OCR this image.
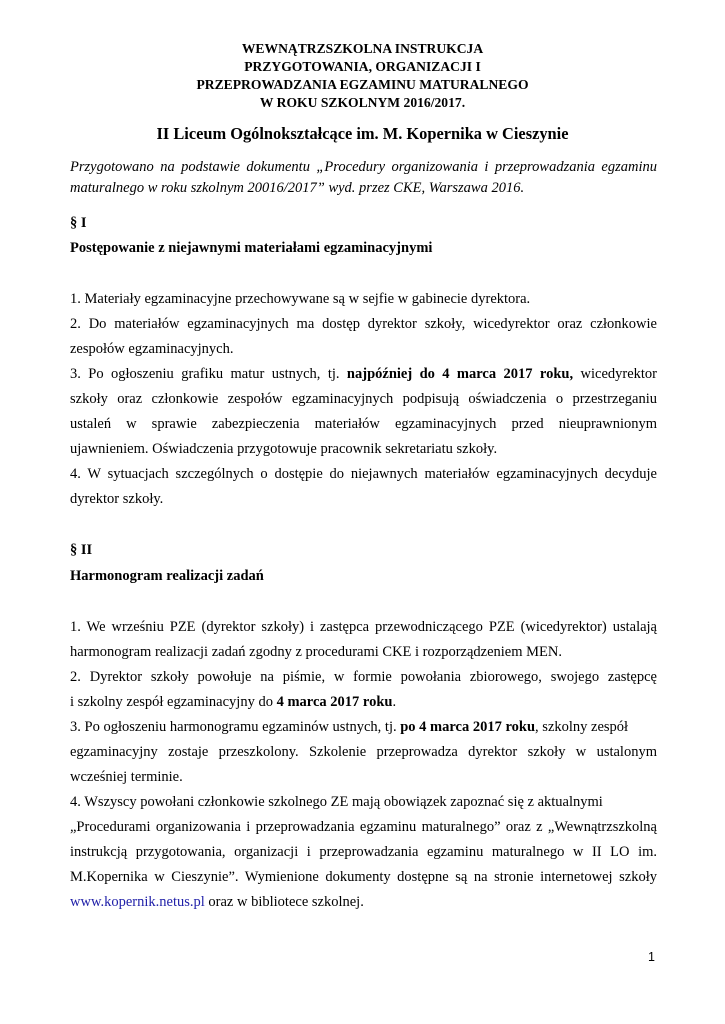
WEWNĄTRZSZKOLNA INSTRUKCJA
PRZYGOTOWANIA, ORGANIZACJI I
PRZEPROWADZANIA EGZAMINU MATURALNEGO
W ROKU SZKOLNYM 2016/2017.
II Liceum Ogólnokształcące im. M. Kopernika w Cieszynie
Przygotowano na podstawie dokumentu „Procedury organizowania i przeprowadzania egzaminu maturalnego w roku szkolnym 20016/2017” wyd. przez CKE, Warszawa 2016.
§ I
Postępowanie z niejawnymi materiałami egzaminacyjnymi
1. Materiały egzaminacyjne przechowywane są w sejfie w gabinecie dyrektora.
2. Do materiałów egzaminacyjnych ma dostęp dyrektor szkoły, wicedyrektor oraz członkowie
zespołów egzaminacyjnych.
3. Po ogłoszeniu grafiku matur ustnych, tj. najpóźniej do 4 marca 2017 roku, wicedyrektor
szkoły oraz członkowie zespołów egzaminacyjnych podpisują oświadczenia o przestrzeganiu
ustaleń w sprawie zabezpieczenia materiałów egzaminacyjnych przed nieuprawnionym
ujawnieniem. Oświadczenia przygotowuje pracownik sekretariatu szkoły.
4. W sytuacjach szczególnych o dostępie do niejawnych materiałów egzaminacyjnych decyduje
dyrektor szkoły.
§ II
Harmonogram realizacji zadań
1. We wrześniu PZE (dyrektor szkoły) i zastępca przewodniczącego PZE (wicedyrektor) ustalają
harmonogram realizacji zadań zgodny z procedurami CKE i rozporządzeniem MEN.
2. Dyrektor szkoły powołuje na piśmie, w formie powołania zbiorowego, swojego zastępcę
i szkolny zespół egzaminacyjny do 4 marca 2017 roku.
3. Po ogłoszeniu harmonogramu egzaminów ustnych, tj. po 4 marca 2017 roku, szkolny zespół
egzaminacyjny zostaje przeszkolony. Szkolenie przeprowadza dyrektor szkoły w ustalonym
wcześniej terminie.
4. Wszyscy powołani członkowie szkolnego ZE mają obowiązek zapoznać się z aktualnymi
„Procedurami organizowania i przeprowadzania egzaminu maturalnego” oraz z „Wewnątrzszkolną
instrukcją przygotowania, organizacji i przeprowadzania egzaminu maturalnego w II LO im.
M.Kopernika w Cieszynie”. Wymienione dokumenty dostępne są na stronie internetowej szkoły
www.kopernik.netus.pl oraz w bibliotece szkolnej.
1
